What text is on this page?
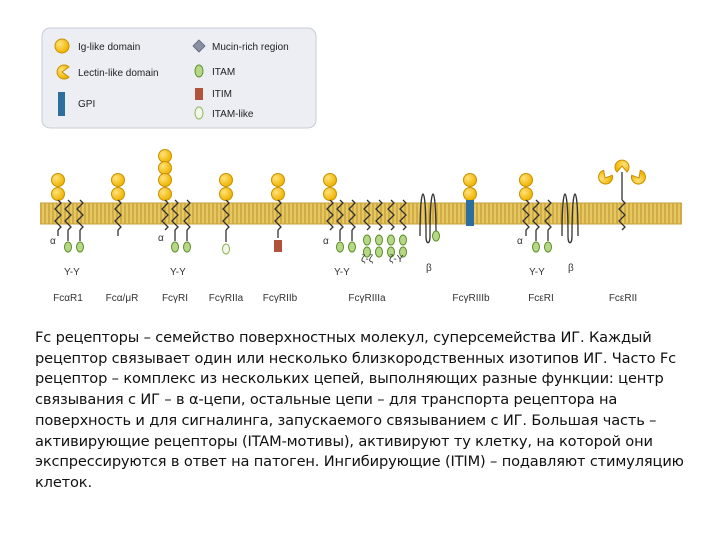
Ig-like domain
Lectin-like domain
GPI
Mucin-rich region
ITAM
ITIM
ITAM-like
FcαR1 Fcα/μR FcγRI FcγRIIa FcγRIIb	FcγRIIIa	FcγRIIIb	FcεRI	FcεRII
α	α	α	α
Y-Y	Y-Y	Y-Y	Y-Y
ζ-ζ ζ-Y
β	β

Fc рецепторы – семейство поверхностных молекул, суперсемейства ИГ. Каждый рецептор связывает один или несколько близкородственных изотипов ИГ. Часто Fc рецептор – комплекс из нескольких цепей, выполняющих разные функции: центр связывания с ИГ – в α-цепи, остальные цепи – для транспорта рецептора на поверхность и для сигналинга, запускаемого связыванием с ИГ. Большая часть – активирующие рецепторы (ITAM-мотивы), активируют ту клетку, на которой они экспрессируются в ответ на патоген. Ингибирующие (ITIM) – подавляют стимуляцию клеток.
